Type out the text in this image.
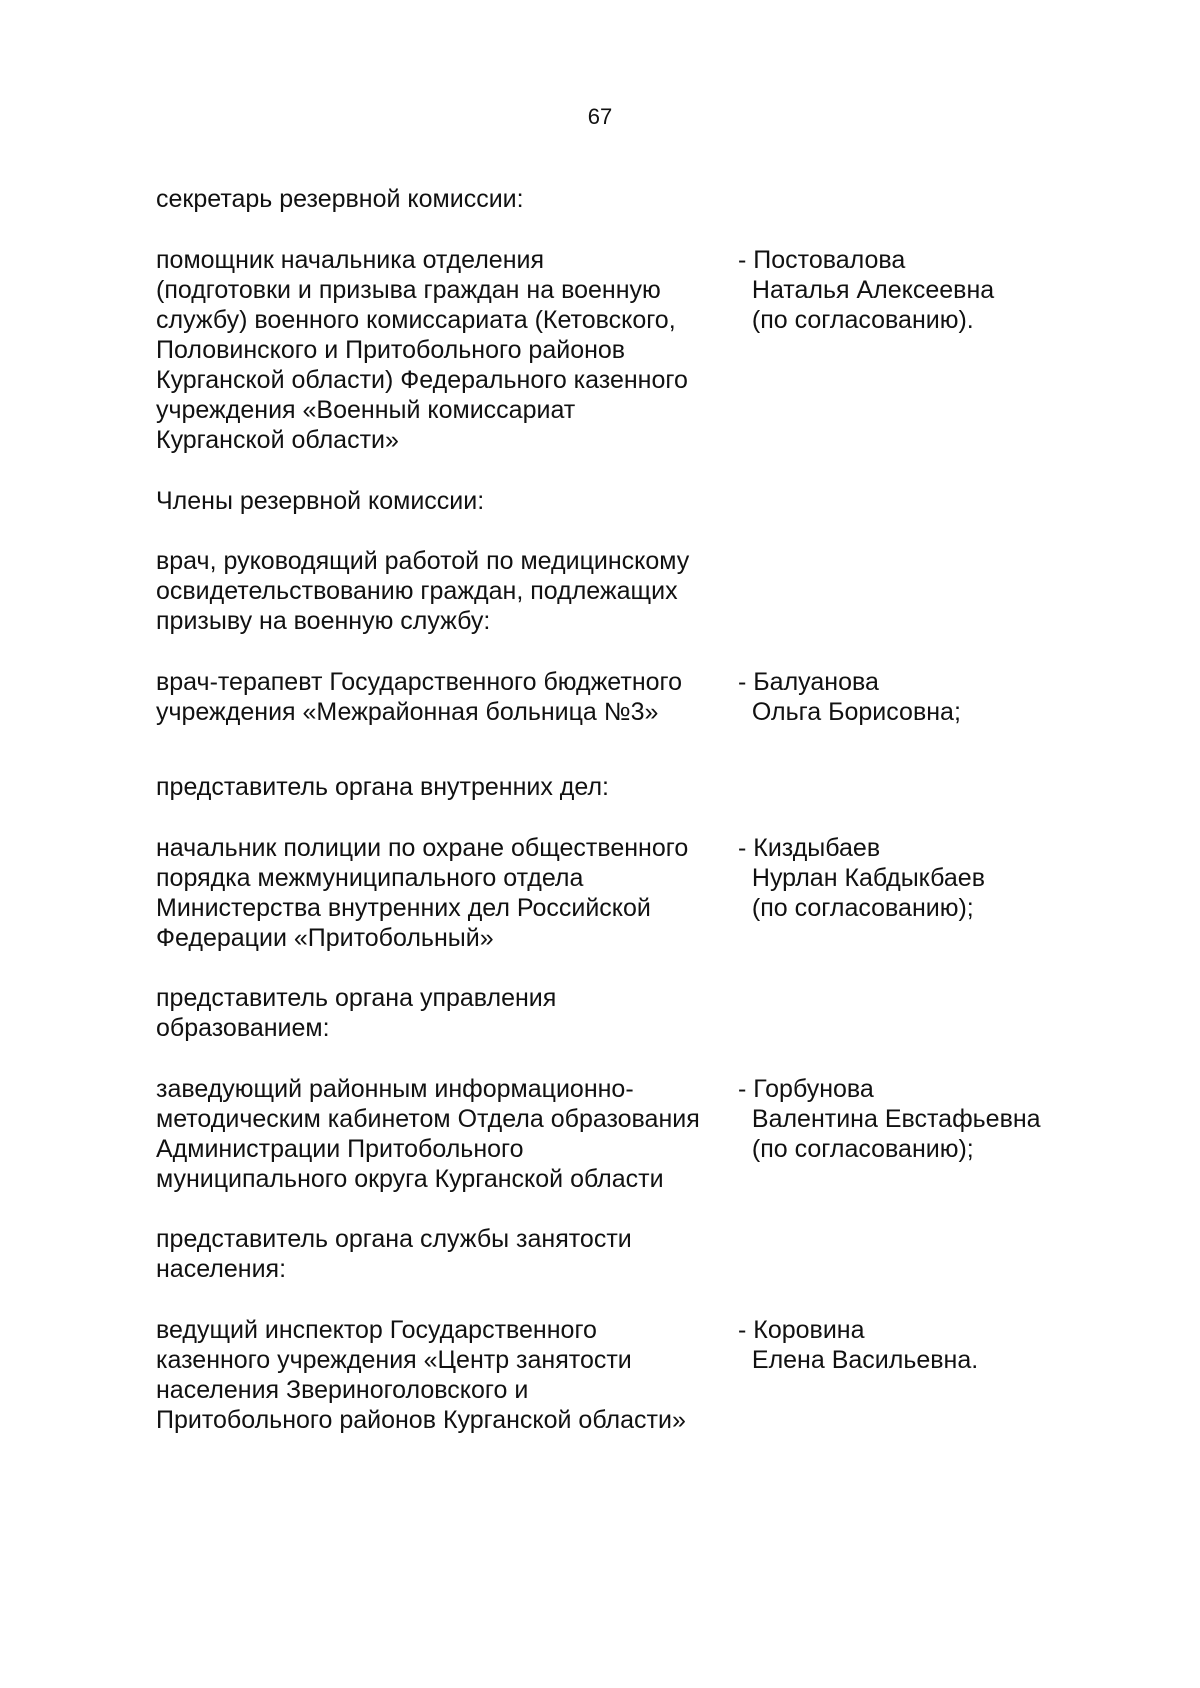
67
секретарь резервной комиссии:
помощник начальника отделения
(подготовки и призыва граждан на военную
службу) военного комиссариата (Кетовского,
Половинского и Притобольного районов
Курганской области) Федерального казенного
учреждения «Военный комиссариат
Курганской области»
- Постовалова
Наталья Алексеевна
(по согласованию).
Члены резервной комиссии:
врач, руководящий работой по медицинскому
освидетельствованию граждан, подлежащих
призыву на военную службу:
врач-терапевт Государственного бюджетного
учреждения «Межрайонная больница №3»
- Балуанова
Ольга Борисовна;
представитель органа внутренних дел:
начальник полиции по охране общественного
порядка межмуниципального отдела
Министерства внутренних дел Российской
Федерации «Притобольный»
- Киздыбаев
Нурлан Кабдыкбаев
(по согласованию);
представитель органа управления
образованием:
заведующий районным информационно-
методическим кабинетом Отдела образования
Администрации Притобольного
муниципального округа Курганской области
- Горбунова
Валентина Евстафьевна
(по согласованию);
представитель органа службы занятости
населения:
ведущий инспектор Государственного
казенного учреждения «Центр занятости
населения Звериноголовского и
Притобольного районов Курганской области»
- Коровина
Елена Васильевна.
